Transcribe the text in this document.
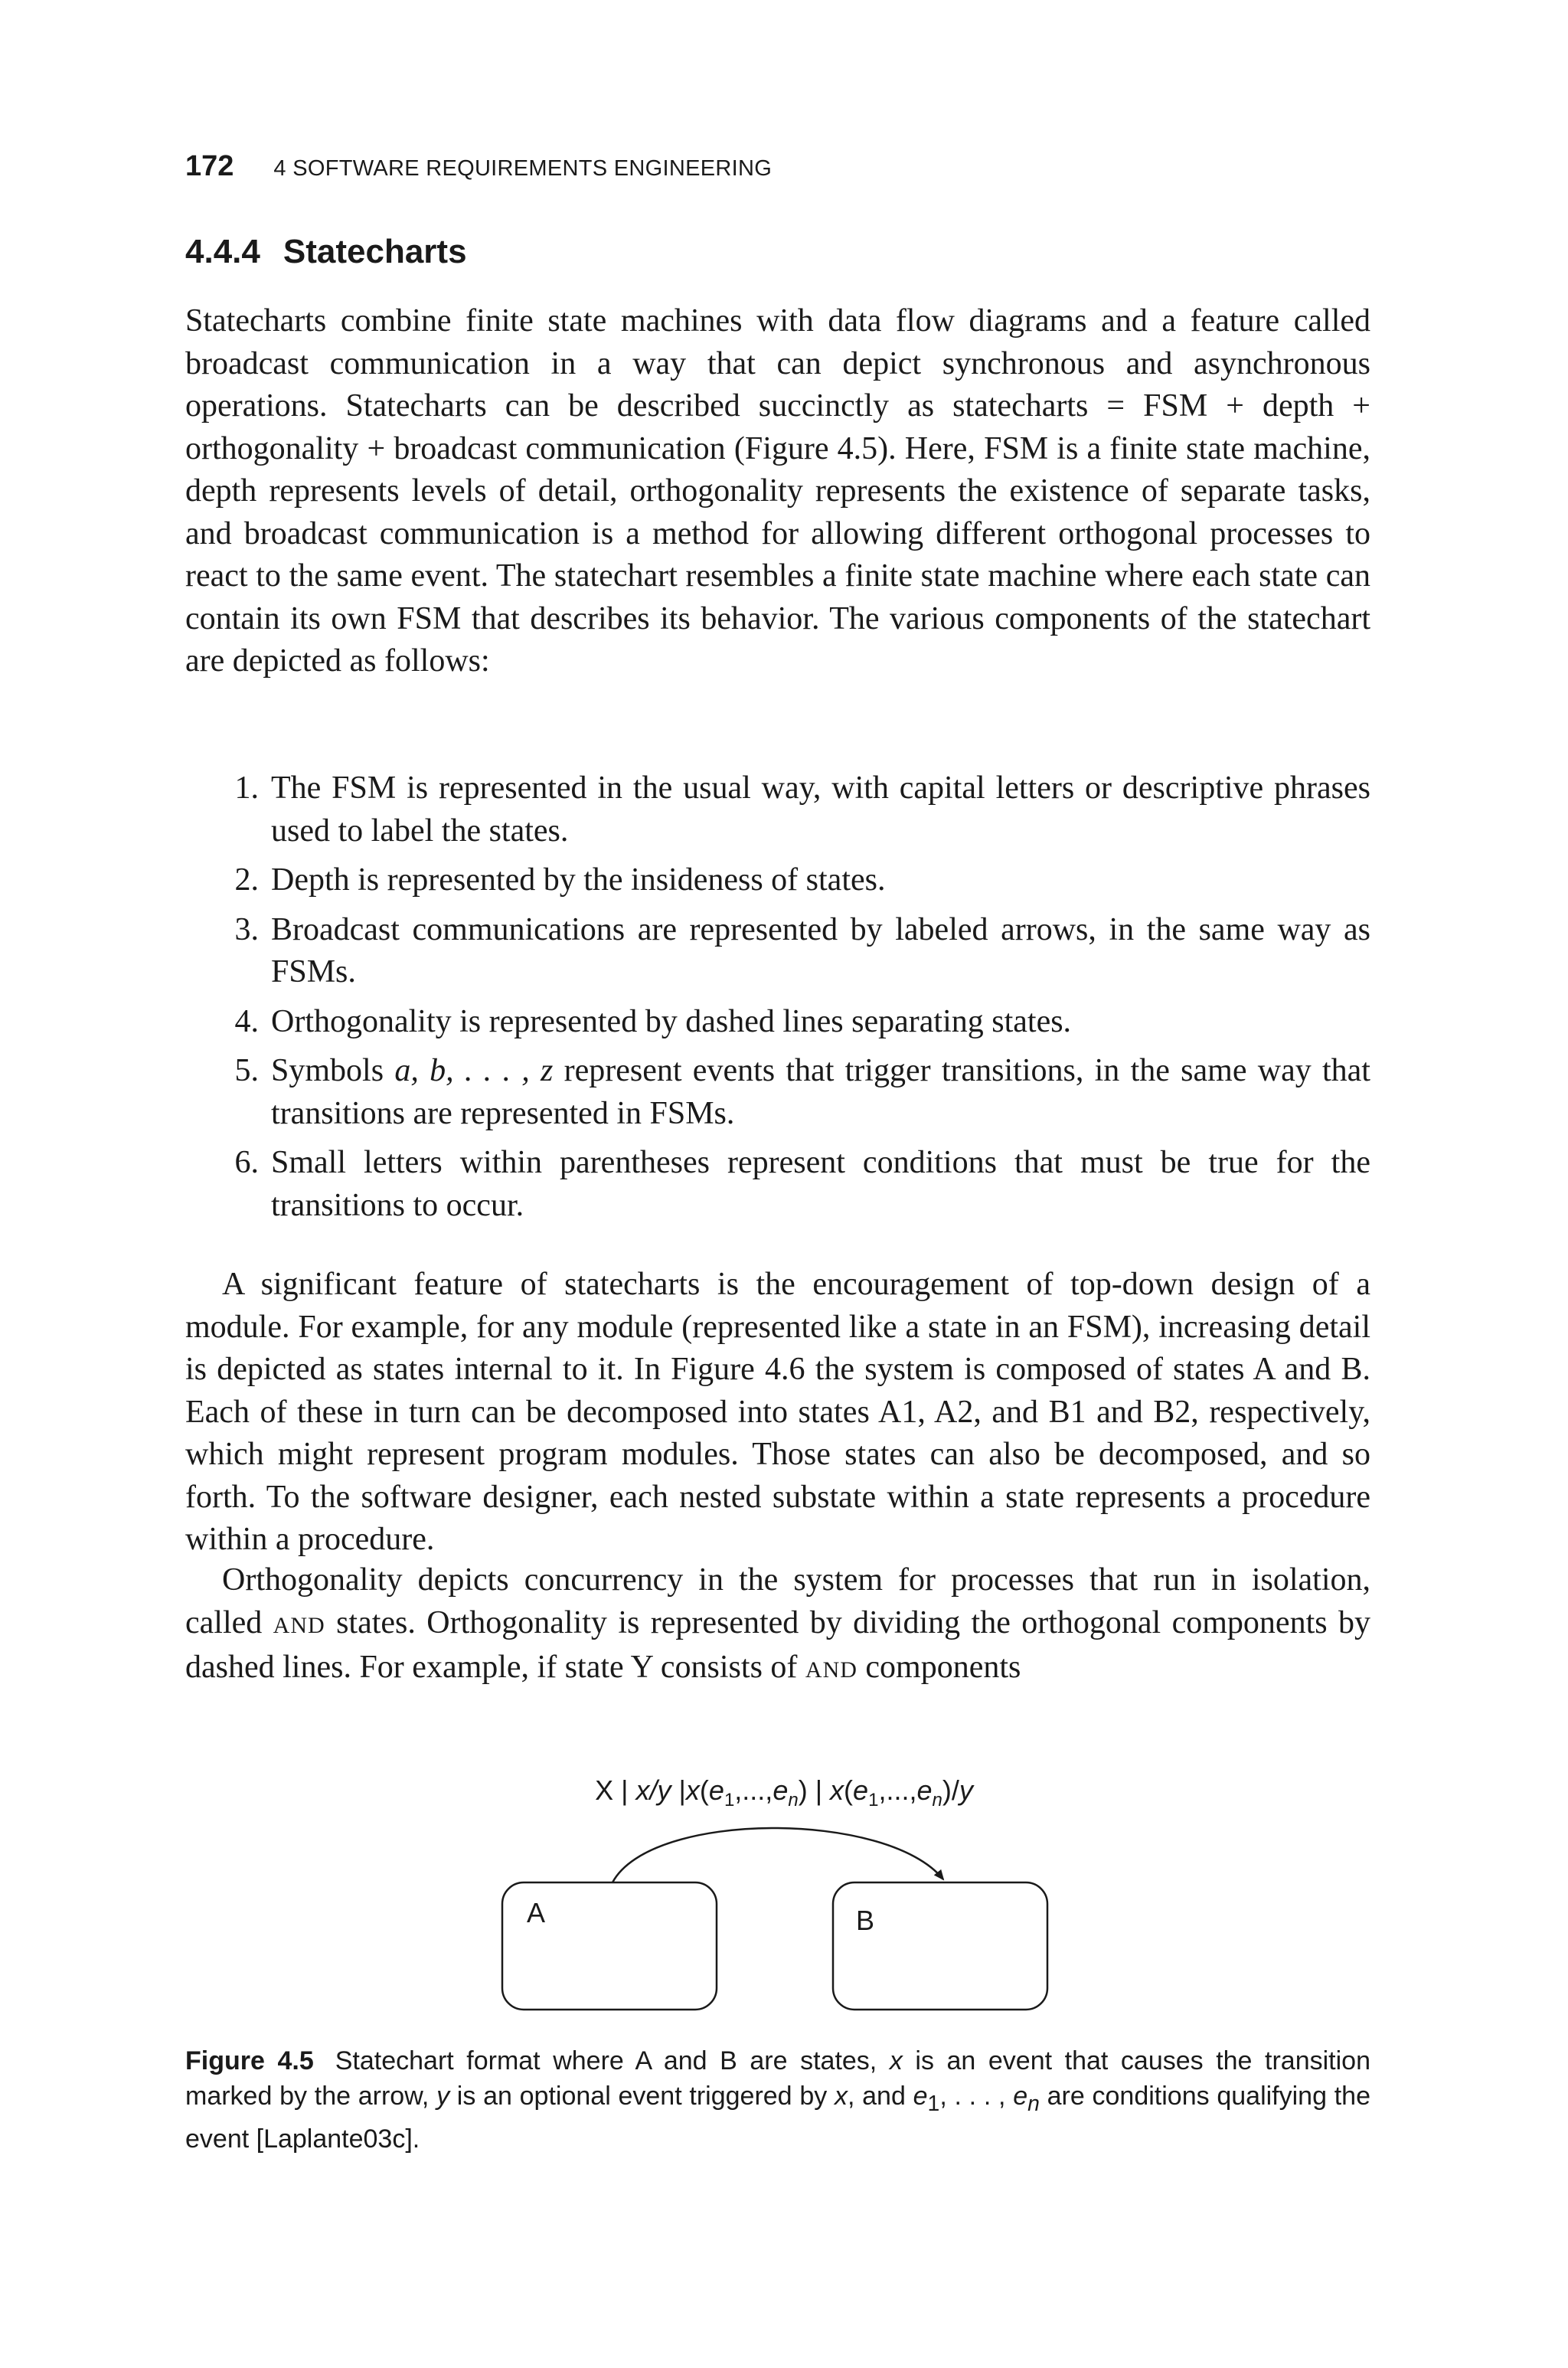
172 4 SOFTWARE REQUIREMENTS ENGINEERING
4.4.4 Statecharts

Statecharts combine finite state machines with data flow diagrams and a feature called broadcast communication in a way that can depict synchronous and asynchronous operations. Statecharts can be described succinctly as statecharts = FSM + depth + orthogonality + broadcast communication (Figure 4.5). Here, FSM is a finite state machine, depth represents levels of detail, orthogonality represents the existence of separate tasks, and broadcast communication is a method for allowing different orthogonal processes to react to the same event. The statechart resembles a finite state machine where each state can contain its own FSM that describes its behavior. The various components of the statechart are depicted as follows:

1. The FSM is represented in the usual way, with capital letters or descriptive phrases used to label the states.
2. Depth is represented by the insideness of states.
3. Broadcast communications are represented by labeled arrows, in the same way as FSMs.
4. Orthogonality is represented by dashed lines separating states.
5. Symbols a, b, . . . , z represent events that trigger transitions, in the same way that transitions are represented in FSMs.
6. Small letters within parentheses represent conditions that must be true for the transitions to occur.

A significant feature of statecharts is the encouragement of top-down design of a module. For example, for any module (represented like a state in an FSM), increasing detail is depicted as states internal to it. In Figure 4.6 the system is composed of states A and B. Each of these in turn can be decomposed into states A1, A2, and B1 and B2, respectively, which might represent program modules. Those states can also be decomposed, and so forth. To the software designer, each nested substate within a state represents a procedure within a procedure.

Orthogonality depicts concurrency in the system for processes that run in isolation, called AND states. Orthogonality is represented by dividing the orthogonal components by dashed lines. For example, if state Y consists of AND components

X | x/y $|x(e_1,...,e_n)$ | $x(e_1,...,e_n)/y$
A	B

Figure 4.5 Statechart format where A and B are states, x is an event that causes the transition marked by the arrow, y is an optional event triggered by x, and $e_1$, . . . , $e_n$ are conditions qualifying the event [Laplante03c].
